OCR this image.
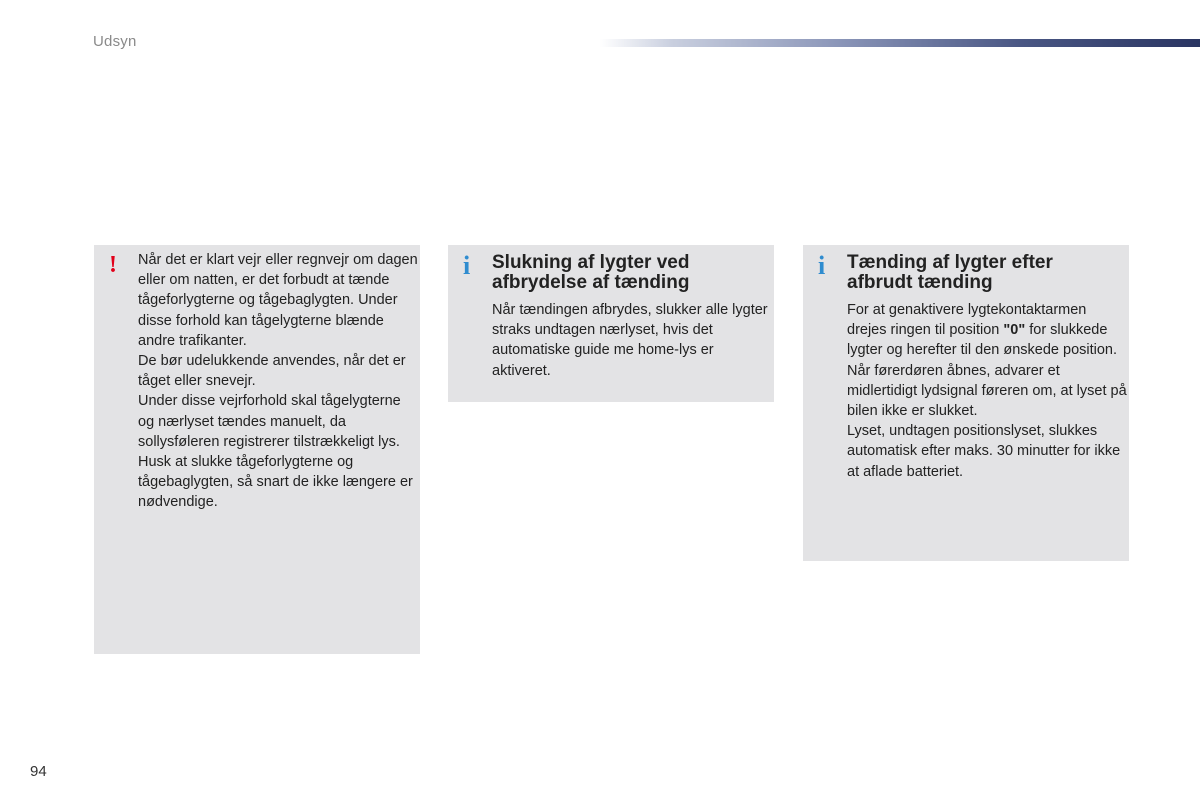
Udsyn
! Når det er klart vejr eller regnvejr om dagen eller om natten, er det forbudt at tænde tågeforlygterne og tågebaglygten. Under disse forhold kan tågelygterne blænde andre trafikanter.

De bør udelukkende anvendes, når det er tåget eller snevejr.

Under disse vejrforhold skal tågelygterne og nærlyset tændes manuelt, da sollysføleren registrerer tilstrækkeligt lys.

Husk at slukke tågeforlygterne og tågebaglygten, så snart de ikke længere er nødvendige.

i Slukning af lygter ved afbrydelse af tænding

Når tændingen afbrydes, slukker alle lygter straks undtagen nærlyset, hvis det automatiske guide me home-lys er aktiveret.

i Tænding af lygter efter afbrudt tænding

For at genaktivere lygtekontaktarmen drejes ringen til position "0" for slukkede lygter og herefter til den ønskede position.

Når førerdøren åbnes, advarer et midlertidigt lydsignal føreren om, at lyset på bilen ikke er slukket.

Lyset, undtagen positionslyset, slukkes automatisk efter maks. 30 minutter for ikke at aflade batteriet.

94
